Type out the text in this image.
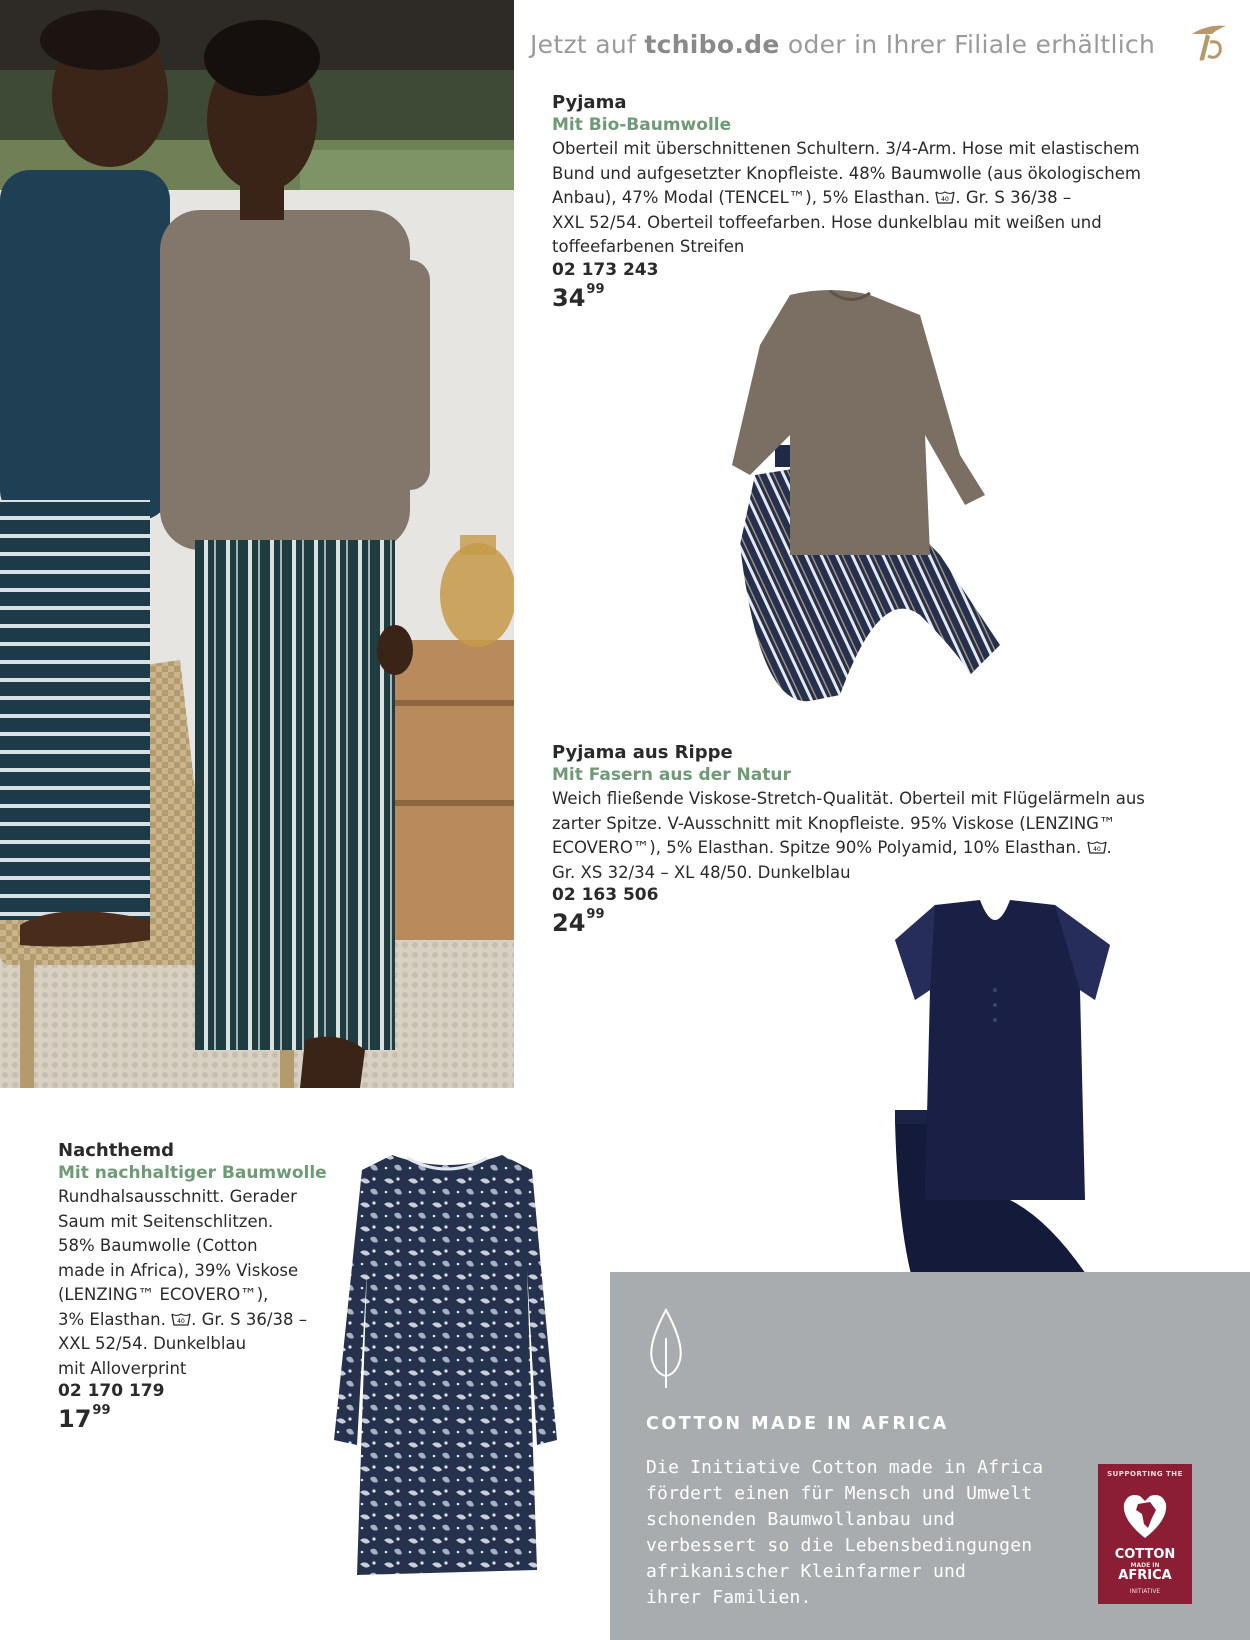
Jetzt auf tchibo.de oder in Ihrer Filiale erhältlich
Pyjama
Mit Bio-Baumwolle
Oberteil mit überschnittenen Schultern. 3/4-Arm. Hose mit elastischem
Bund und aufgesetzter Knopfleiste. 48% Baumwolle (aus ökologischem
Anbau), 47% Modal (TENCEL™), 5% Elasthan. 40 . Gr. S 36/38 –
XXL 52/54. Oberteil toffeefarben. Hose dunkelblau mit weißen und
toffeefarbenen Streifen
02 173 243
$34^{99}$
Pyjama aus Rippe
Mit Fasern aus der Natur
Weich fließende Viskose-Stretch-Qualität. Oberteil mit Flügelärmeln aus
zarter Spitze. V-Ausschnitt mit Knopfleiste. 95% Viskose (LENZING™
ECOVERO™), 5% Elasthan. Spitze 90% Polyamid, 10% Elasthan. 40 .
Gr. XS 32/34 – XL 48/50. Dunkelblau
02 163 506
$24^{99}$
Nachthemd
Mit nachhaltiger Baumwolle
Rundhalsausschnitt. Gerader
Saum mit Seitenschlitzen.
58% Baumwolle (Cotton
made in Africa), 39% Viskose
(LENZING™ ECOVERO™),
3% Elasthan. 40 . Gr. S 36/38 –
XXL 52/54. Dunkelblau
mit Alloverprint
02 170 179
$17^{99}$
COTTON MADE IN AFRICA
Die Initiative Cotton made in Africa
fördert einen für Mensch und Umwelt
schonenden Baumwollanbau und
verbessert so die Lebensbedingungen
afrikanischer Kleinfarmer und
ihrer Familien.
SUPPORTING THE
COTTON
MADE IN
AFRICA
INITIATIVE
